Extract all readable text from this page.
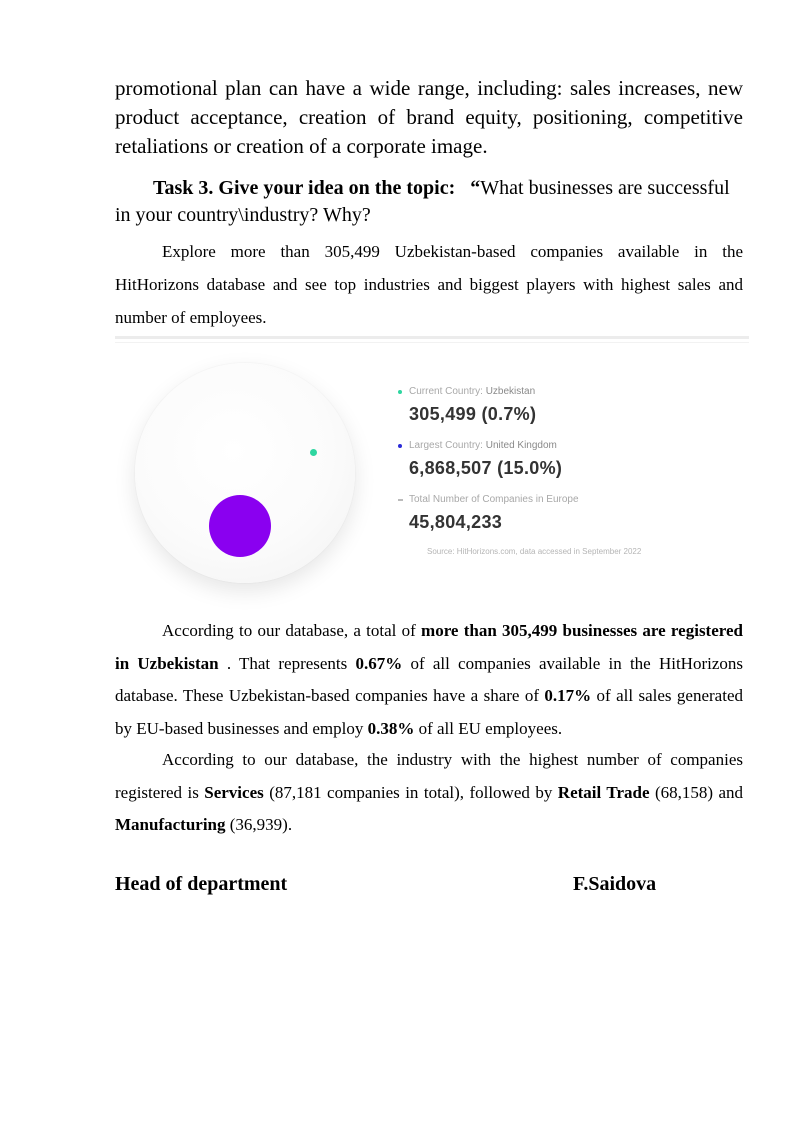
promotional plan can have a wide range, including: sales increases, new product acceptance, creation of brand equity, positioning, competitive retaliations or creation of a corporate image.

Task 3. Give your idea on the topic: “What businesses are successful in your country\industry? Why?

Explore more than 305,499 Uzbekistan-based companies available in the HitHorizons database and see top industries and biggest players with highest sales and number of employees.

Current Country: Uzbekistan
305,499 (0.7%)
Largest Country: United Kingdom
6,868,507 (15.0%)
Total Number of Companies in Europe
45,804,233
Source: HitHorizons.com, data accessed in September 2022

According to our database, a total of more than 305,499 businesses are registered in Uzbekistan . That represents 0.67% of all companies available in the HitHorizons database. These Uzbekistan-based companies have a share of 0.17% of all sales generated by EU-based businesses and employ 0.38% of all EU employees.

According to our database, the industry with the highest number of companies registered is Services (87,181 companies in total), followed by Retail Trade (68,158) and Manufacturing (36,939).

Head of department	F.Saidova
